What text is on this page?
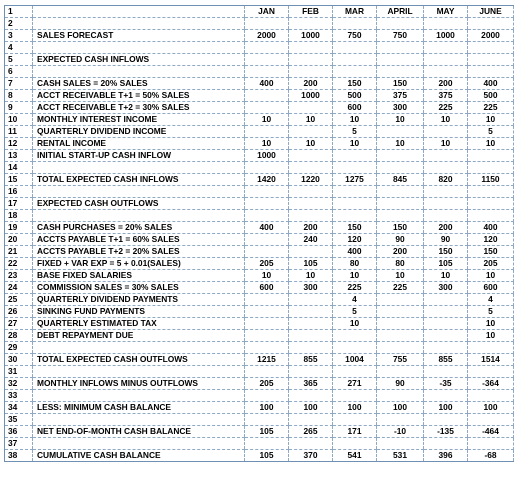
1		JAN	FEB	MAR	APRIL	MAY	JUNE
2							
3	SALES FORECAST	2000	1000	750	750	1000	2000
4							
5	EXPECTED CASH INFLOWS						
6							
7	CASH SALES = 20% SALES	400	200	150	150	200	400
8	ACCT RECEIVABLE T+1 = 50% SALES		1000	500	375	375	500
9	ACCT RECEIVABLE T+2 = 30% SALES			600	300	225	225
10	MONTHLY INTEREST INCOME	10	10	10	10	10	10
11	QUARTERLY DIVIDEND INCOME			5			5
12	RENTAL INCOME	10	10	10	10	10	10
13	INITIAL START-UP CASH INFLOW	1000					
14							
15	TOTAL EXPECTED CASH INFLOWS	1420	1220	1275	845	820	1150
16							
17	EXPECTED CASH OUTFLOWS						
18							
19	CASH PURCHASES = 20% SALES	400	200	150	150	200	400
20	ACCTS PAYABLE T+1 = 60% SALES		240	120	90	90	120
21	ACCTS PAYABLE T+2 = 20% SALES			400	200	150	150
22	FIXED + VAR EXP = 5 + 0.01(SALES)	205	105	80	80	105	205
23	BASE FIXED SALARIES	10	10	10	10	10	10
24	COMMISSION SALES = 30% SALES	600	300	225	225	300	600
25	QUARTERLY DIVIDEND PAYMENTS			4			4
26	SINKING FUND PAYMENTS			5			5
27	QUARTERLY ESTIMATED TAX			10			10
28	DEBT REPAYMENT DUE						10
29							
30	TOTAL EXPECTED CASH OUTFLOWS	1215	855	1004	755	855	1514
31							
32	MONTHLY INFLOWS MINUS OUTFLOWS	205	365	271	90	-35	-364
33							
34	LESS: MINIMUM CASH BALANCE	100	100	100	100	100	100
35							
36	NET END-OF-MONTH CASH BALANCE	105	265	171	-10	-135	-464
37							
38	CUMULATIVE CASH BALANCE	105	370	541	531	396	-68
